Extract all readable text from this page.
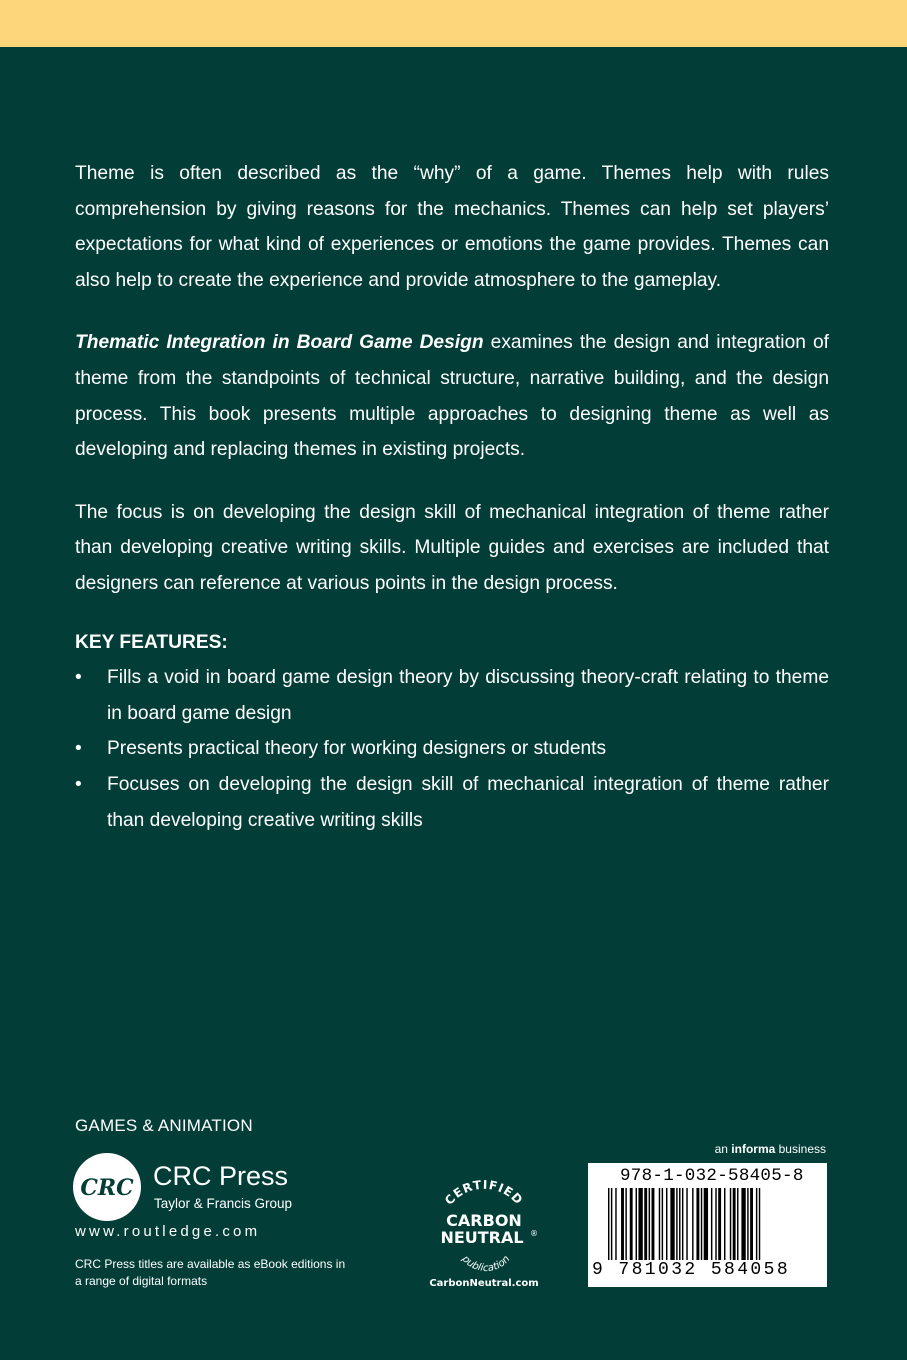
Theme is often described as the “why” of a game. Themes help with rules comprehension by giving reasons for the mechanics. Themes can help set players’ expectations for what kind of experiences or emotions the game provides. Themes can also help to create the experience and provide atmosphere to the gameplay.

Thematic Integration in Board Game Design examines the design and integration of theme from the standpoints of technical structure, narrative building, and the design process. This book presents multiple approaches to designing theme as well as developing and replacing themes in existing projects.

The focus is on developing the design skill of mechanical integration of theme rather than developing creative writing skills. Multiple guides and exercises are included that designers can reference at various points in the design process.

KEY FEATURES:
• Fills a void in board game design theory by discussing theory-craft relating to theme in board game design
• Presents practical theory for working designers or students
• Focuses on developing the design skill of mechanical integration of theme rather than developing creative writing skills
GAMES & ANIMATION
CRC CRC Press
Taylor & Francis Group
www.routledge.com
CRC Press titles are available as eBook editions in a range of digital formats
CERTIFIED
CARBON
NEUTRAL ®
publication
CarbonNeutral.com
an informa business
978-1-032-58405-8
9 781032 584058
